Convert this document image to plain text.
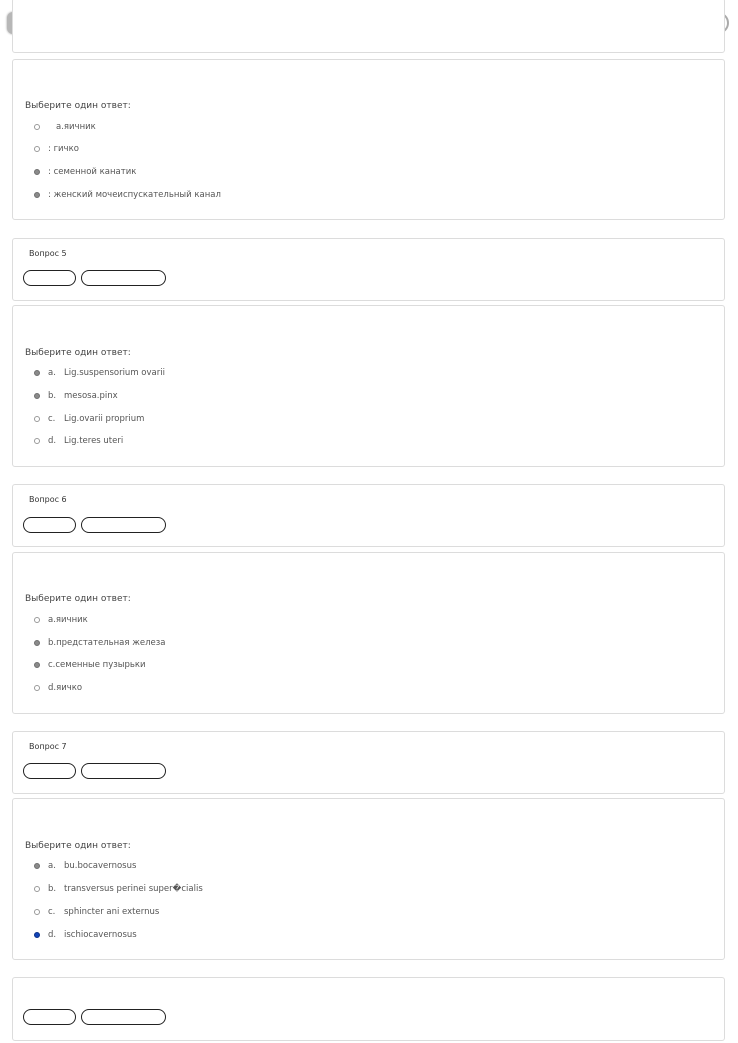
Выберите один ответ:
а.яичник
: гичко
: семенной канатик
: женский мочеиспускательный канал
Вопрос 5
Выберите один ответ:
a. Lig.suspensorium ovarii
b. mesosa.pinx
c.	Lig.ovarii proprium
d. Lig.teres uteri
Вопрос 6
Выберите один ответ:
a.яичник
b.предстательная железа
c.семенные пузырьки
d.яичко
Вопрос 7
Выберите один ответ:
a. bu.bocavernosus
b. transversus perinei super�cialis
c.	sphincter ani externus
d. ischiocavernosus
